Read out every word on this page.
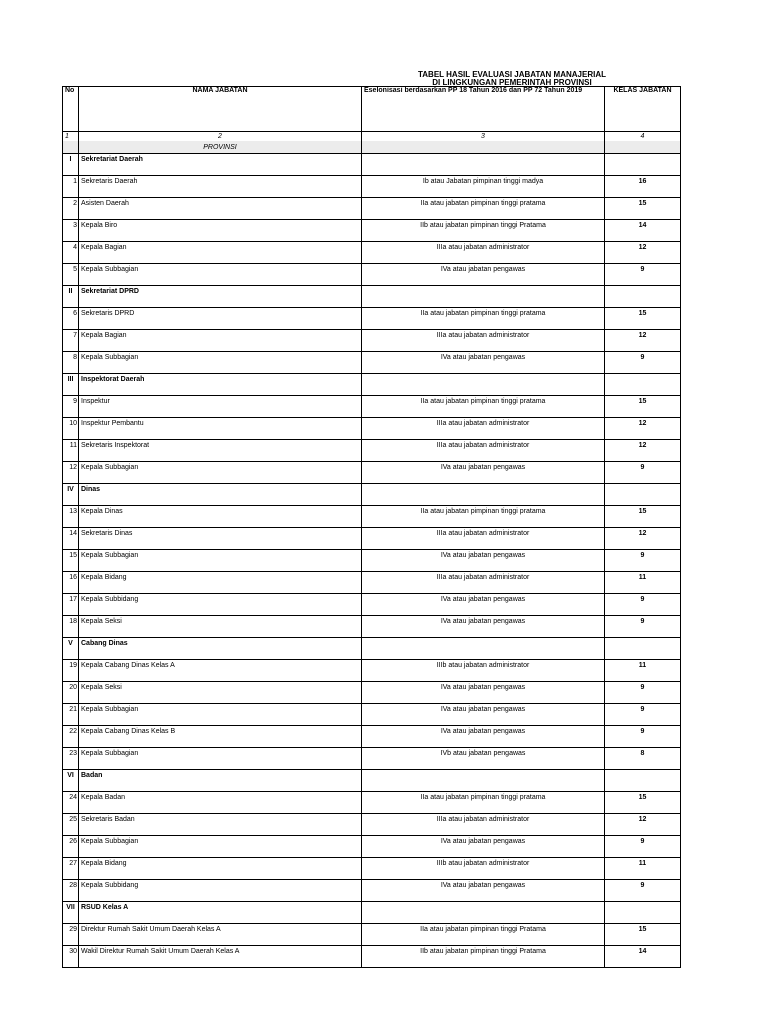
TABEL HASIL EVALUASI JABATAN MANAJERIAL
DI LINGKUNGAN PEMERINTAH PROVINSI
No	NAMA JABATAN	Eselonisasi berdasarkan PP 18 Tahun 2016 dan PP 72 Tahun 2019	KELAS JABATAN
1	2	3	4
	PROVINSI		
I	Sekretariat Daerah		
1	Sekretaris Daerah	Ib atau Jabatan pimpinan tinggi madya	16
2	Asisten Daerah	IIa atau jabatan pimpinan tinggi pratama	15
3	Kepala Biro	IIb atau jabatan pimpinan tinggi Pratama	14
4	Kepala Bagian	IIIa atau jabatan administrator	12
5	Kepala Subbagian	IVa atau jabatan pengawas	9
II	Sekretariat DPRD		
6	Sekretaris DPRD	IIa atau jabatan pimpinan tinggi pratama	15
7	Kepala Bagian	IIIa atau jabatan administrator	12
8	Kepala Subbagian	IVa atau jabatan pengawas	9
III	Inspektorat Daerah		
9	Inspektur	IIa atau jabatan pimpinan tinggi pratama	15
10	Inspektur Pembantu	IIIa atau jabatan administrator	12
11	Sekretaris Inspektorat	IIIa atau jabatan administrator	12
12	Kepala Subbagian	IVa atau jabatan pengawas	9
IV	Dinas		
13	Kepala Dinas	IIa atau jabatan pimpinan tinggi pratama	15
14	Sekretaris Dinas	IIIa atau jabatan administrator	12
15	Kepala Subbagian	IVa atau jabatan pengawas	9
16	Kepala Bidang	IIIa atau jabatan administrator	11
17	Kepala Subbidang	IVa atau jabatan pengawas	9
18	Kepala Seksi	IVa atau jabatan pengawas	9
V	Cabang Dinas		
19	Kepala Cabang Dinas Kelas A	IIIb atau jabatan administrator	11
20	Kepala Seksi	IVa atau jabatan pengawas	9
21	Kepala Subbagian	IVa atau jabatan pengawas	9
22	Kepala Cabang Dinas Kelas B	IVa atau jabatan pengawas	9
23	Kepala Subbagian	IVb atau jabatan pengawas	8
VI	Badan		
24	Kepala Badan	IIa atau jabatan pimpinan tinggi pratama	15
25	Sekretaris Badan	IIIa atau jabatan administrator	12
26	Kepala Subbagian	IVa atau jabatan pengawas	9
27	Kepala Bidang	IIIb atau jabatan administrator	11
28	Kepala Subbidang	IVa atau jabatan pengawas	9
VII	RSUD Kelas A		
29	Direktur Rumah Sakit Umum Daerah Kelas A	IIa atau jabatan pimpinan tinggi Pratama	15
30	Wakil Direktur Rumah Sakit Umum Daerah Kelas A	IIb atau jabatan pimpinan tinggi Pratama	14
